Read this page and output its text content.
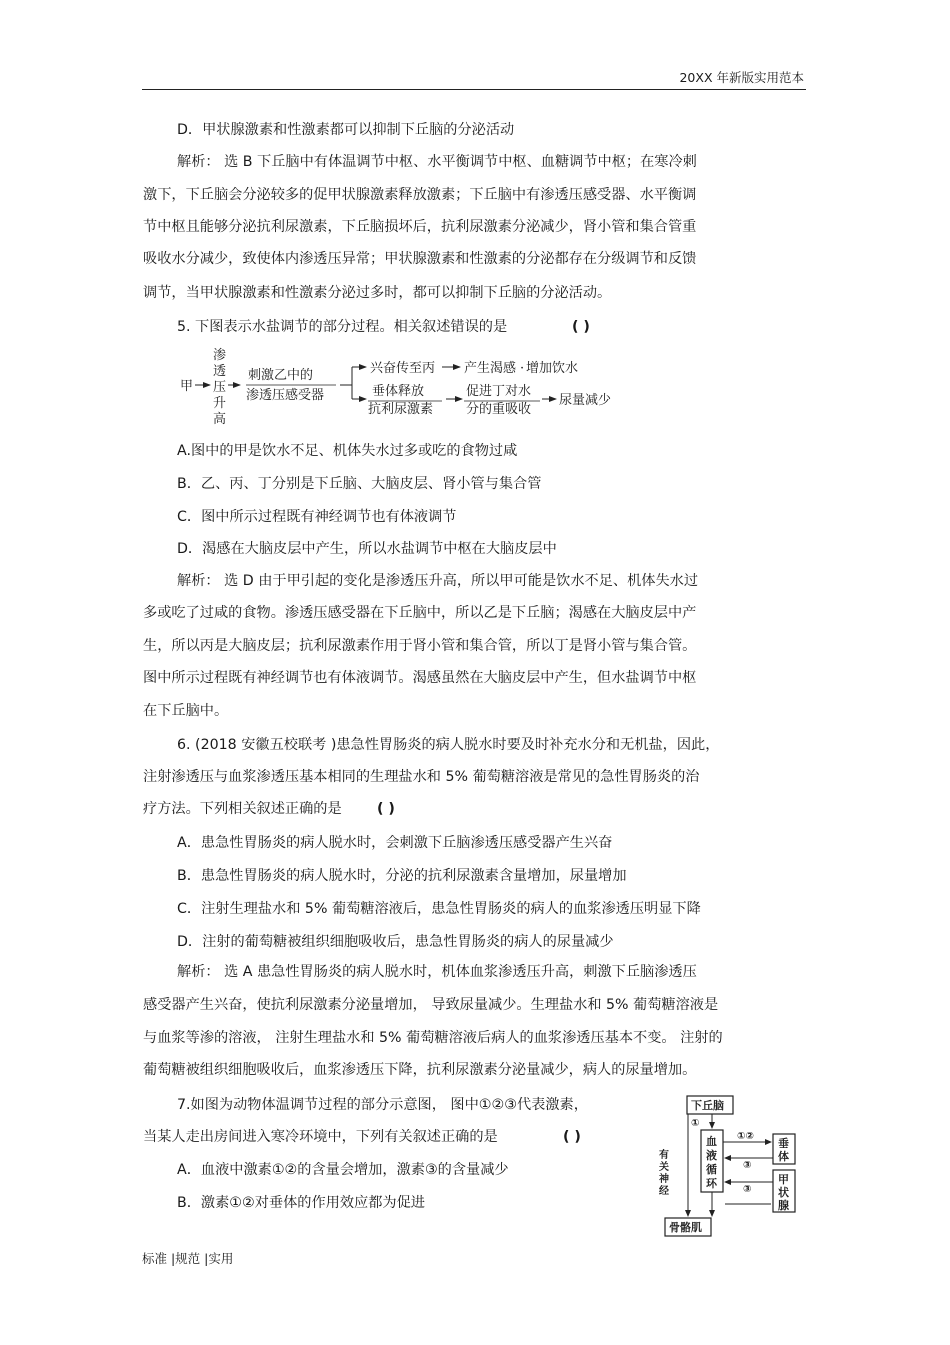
20XX 年新版实用范本
D．甲状腺激素和性激素都可以抑制下丘脑的分泌活动
解析： 选 B 下丘脑中有体温调节中枢、水平衡调节中枢、血糖调节中枢；在寒冷刺
激下，下丘脑会分泌较多的促甲状腺激素释放激素；下丘脑中有渗透压感受器、水平衡调
节中枢且能够分泌抗利尿激素，下丘脑损坏后，抗利尿激素分泌减少，肾小管和集合管重
吸收水分减少，致使体内渗透压异常；甲状腺激素和性激素的分泌都存在分级调节和反馈
调节，当甲状腺激素和性激素分泌过多时，都可以抑制下丘脑的分泌活动。
5. 下图表示水盐调节的部分过程。相关叙述错误的是	( )
甲
渗
透
压
升
高
刺激乙中的
渗透压感受器
兴奋传至丙 产生渴感 · 增加饮水
垂体释放
抗利尿激素
促进丁对水
分的重吸收
尿量减少
A.图中的甲是饮水不足、机体失水过多或吃的食物过咸
B．乙、丙、丁分别是下丘脑、大脑皮层、肾小管与集合管
C．图中所示过程既有神经调节也有体液调节
D．渴感在大脑皮层中产生，所以水盐调节中枢在大脑皮层中
解析： 选 D 由于甲引起的变化是渗透压升高，所以甲可能是饮水不足、机体失水过
多或吃了过咸的食物。渗透压感受器在下丘脑中，所以乙是下丘脑；渴感在大脑皮层中产
生，所以丙是大脑皮层；抗利尿激素作用于肾小管和集合管，所以丁是肾小管与集合管。
图中所示过程既有神经调节也有体液调节。渴感虽然在大脑皮层中产生，但水盐调节中枢
在下丘脑中。
6. (2018 安徽五校联考 )患急性胃肠炎的病人脱水时要及时补充水分和无机盐，因此，
注射渗透压与血浆渗透压基本相同的生理盐水和 5% 葡萄糖溶液是常见的急性胃肠炎的治
疗方法。下列相关叙述正确的是 ( )
A．患急性胃肠炎的病人脱水时，会刺激下丘脑渗透压感受器产生兴奋
B．患急性胃肠炎的病人脱水时，分泌的抗利尿激素含量增加，尿量增加
C．注射生理盐水和 5% 葡萄糖溶液后，患急性胃肠炎的病人的血浆渗透压明显下降
D．注射的葡萄糖被组织细胞吸收后，患急性胃肠炎的病人的尿量减少
解析： 选 A 患急性胃肠炎的病人脱水时，机体血浆渗透压升高，刺激下丘脑渗透压
感受器产生兴奋，使抗利尿激素分泌量增加， 导致尿量减少。生理盐水和 5% 葡萄糖溶液是
与血浆等渗的溶液， 注射生理盐水和 5% 葡萄糖溶液后病人的血浆渗透压基本不变。 注射的
葡萄糖被组织细胞吸收后，血浆渗透压下降，抗利尿激素分泌量减少，病人的尿量增加。
7.如图为动物体温调节过程的部分示意图， 图中①②③代表激素，
当某人走出房间进入寒冷环境中，下列有关叙述正确的是	( )
A．血液中激素①②的含量会增加，激素③的含量减少
B．激素①②对垂体的作用效应都为促进
下丘脑
血
液
循
环
垂
体
甲
状
腺
骨骼肌
有
关
神
经
①
①②
③
③
标准 |规范 |实用
